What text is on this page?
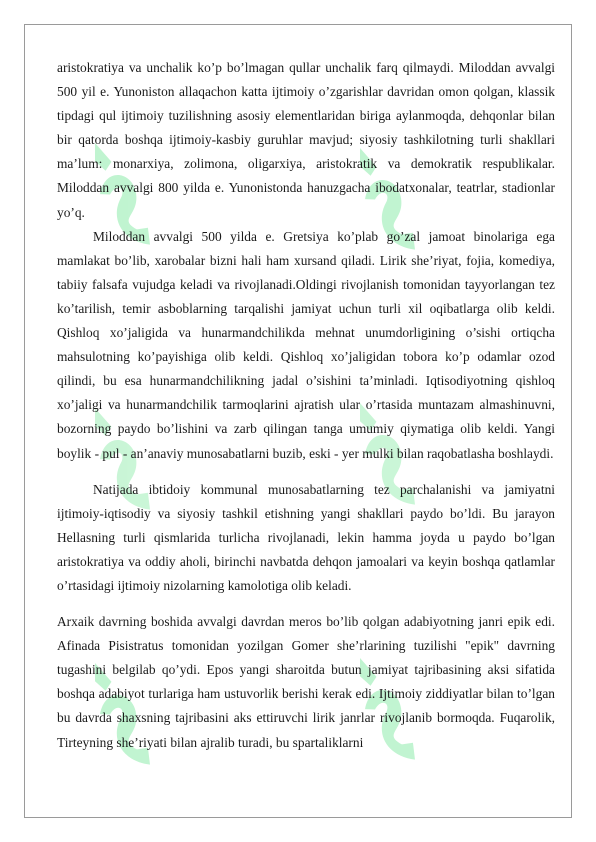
aristokratiya va unchalik ko’p bo’lmagan qullar unchalik farq qilmaydi. Miloddan avvalgi 500 yil e. Yunoniston allaqachon katta ijtimoiy o’zgarishlar davridan omon qolgan, klassik tipdagi qul ijtimoiy tuzilishning asosiy elementlaridan biriga aylanmoqda, dehqonlar bilan bir qatorda boshqa ijtimoiy-kasbiy guruhlar mavjud; siyosiy tashkilotning turli shakllari ma’lum: monarxiya, zolimona, oligarxiya, aristokratik va demokratik respublikalar. Miloddan avvalgi 800 yilda e. Yunonistonda hanuzgacha ibodatxonalar, teatrlar, stadionlar yo’q.

Miloddan avvalgi 500 yilda e. Gretsiya ko’plab go’zal jamoat binolariga ega mamlakat bo’lib, xarobalar bizni hali ham xursand qiladi. Lirik she’riyat, fojia, komediya, tabiiy falsafa vujudga keladi va rivojlanadi.Oldingi rivojlanish tomonidan tayyorlangan tez ko’tarilish, temir asboblarning tarqalishi jamiyat uchun turli xil oqibatlarga olib keldi. Qishloq xo’jaligida va hunarmandchilikda mehnat unumdorligining o’sishi ortiqcha mahsulotning ko’payishiga olib keldi. Qishloq xo’jaligidan tobora ko’p odamlar ozod qilindi, bu esa hunarmandchilikning jadal o’sishini ta’minladi. Iqtisodiyotning qishloq xo’jaligi va hunarmandchilik tarmoqlarini ajratish ular o’rtasida muntazam almashinuvni, bozorning paydo bo’lishini va zarb qilingan tanga umumiy qiymatiga olib keldi. Yangi boylik - pul - an’anaviy munosabatlarni buzib, eski - yer mulki bilan raqobatlasha boshlaydi.

Natijada ibtidoiy kommunal munosabatlarning tez parchalanishi va jamiyatni ijtimoiy-iqtisodiy va siyosiy tashkil etishning yangi shakllari paydo bo’ldi. Bu jarayon Hellasning turli qismlarida turlicha rivojlanadi, lekin hamma joyda u paydo bo’lgan aristokratiya va oddiy aholi, birinchi navbatda dehqon jamoalari va keyin boshqa qatlamlar o’rtasidagi ijtimoiy nizolarning kamolotiga olib keladi.

Arxaik davrning boshida avvalgi davrdan meros bo’lib qolgan adabiyotning janri epik edi. Afinada Pisistratus tomonidan yozilgan Gomer she’rlarining tuzilishi "epik" davrning tugashini belgilab qo’ydi. Epos yangi sharoitda butun jamiyat tajribasining aksi sifatida boshqa adabiyot turlariga ham ustuvorlik berishi kerak edi. Ijtimoiy ziddiyatlar bilan to’lgan bu davrda shaxsning tajribasini aks ettiruvchi lirik janrlar rivojlanib bormoqda. Fuqarolik, Tirteyning she’riyati bilan ajralib turadi, bu spartaliklarni
